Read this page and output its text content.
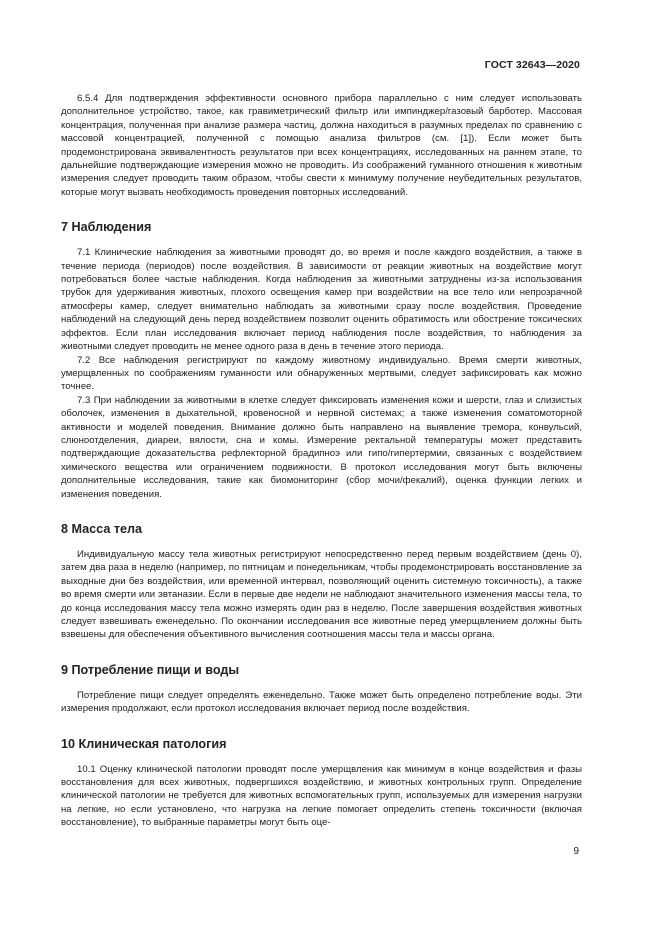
ГОСТ 32643—2020

6.5.4 Для подтверждения эффективности основного прибора параллельно с ним следует использовать дополнительное устройство, такое, как гравиметрический фильтр или импинджер/газовый барботер. Массовая концентрация, полученная при анализе размера частиц, должна находиться в разумных пределах по сравнению с массовой концентрацией, полученной с помощью анализа фильтров (см. [1]). Если может быть продемонстрирована эквивалентность результатов при всех концентрациях, исследованных на раннем этапе, то дальнейшие подтверждающие измерения можно не проводить. Из соображений гуманного отношения к животным измерения следует проводить таким образом, чтобы свести к минимуму получение неубедительных результатов, которые могут вызвать необходимость проведения повторных исследований.

7 Наблюдения

7.1 Клинические наблюдения за животными проводят до, во время и после каждого воздействия, а также в течение периода (периодов) после воздействия. В зависимости от реакции животных на воздействие могут потребоваться более частые наблюдения. Когда наблюдения за животными затруднены из-за использования трубок для удерживания животных, плохого освещения камер при воздействии на все тело или непрозрачной атмосферы камер, следует внимательно наблюдать за животными сразу после воздействия. Проведение наблюдений на следующий день перед воздействием позволит оценить обратимость или обострение токсических эффектов. Если план исследования включает период наблюдения после воздействия, то наблюдения за животными следует проводить не менее одного раза в день в течение этого периода.

7.2 Все наблюдения регистрируют по каждому животному индивидуально. Время смерти животных, умерщвленных по соображениям гуманности или обнаруженных мертвыми, следует зафиксировать как можно точнее.

7.3 При наблюдении за животными в клетке следует фиксировать изменения кожи и шерсти, глаз и слизистых оболочек, изменения в дыхательной, кровеносной и нервной системах; а также изменения соматомоторной активности и моделей поведения. Внимание должно быть направлено на выявление тремора, конвульсий, слюноотделения, диареи, вялости, сна и комы. Измерение ректальной температуры может представить подтверждающие доказательства рефлекторной брадипноэ или гипо/гипертермии, связанных с воздействием химического вещества или ограничением подвижности. В протокол исследования могут быть включены дополнительные исследования, такие как биомониторинг (сбор мочи/фекалий), оценка функции легких и изменения поведения.

8 Масса тела

Индивидуальную массу тела животных регистрируют непосредственно перед первым воздействием (день 0), затем два раза в неделю (например, по пятницам и понедельникам, чтобы продемонстрировать восстановление за выходные дни без воздействия, или временной интервал, позволяющий оценить системную токсичность), а также во время смерти или эвтаназии. Если в первые две недели не наблюдают значительного изменения массы тела, то до конца исследования массу тела можно измерять один раз в неделю. После завершения воздействия животных следует взвешивать еженедельно. По окончании исследования все животные перед умерщвлением должны быть взвешены для обеспечения объективного вычисления соотношения массы тела и массы органа.

9 Потребление пищи и воды

Потребление пищи следует определять еженедельно. Также может быть определено потребление воды. Эти измерения продолжают, если протокол исследования включает период после воздействия.

10 Клиническая патология

10.1 Оценку клинической патологии проводят после умерщвления как минимум в конце воздействия и фазы восстановления для всех животных, подвергшихся воздействию, и животных контрольных групп. Определение клинической патологии не требуется для животных вспомогательных групп, используемых для измерения нагрузки на легкие, но если установлено, что нагрузка на легкие помогает определить степень токсичности (включая восстановление), то выбранные параметры могут быть оце-

9
